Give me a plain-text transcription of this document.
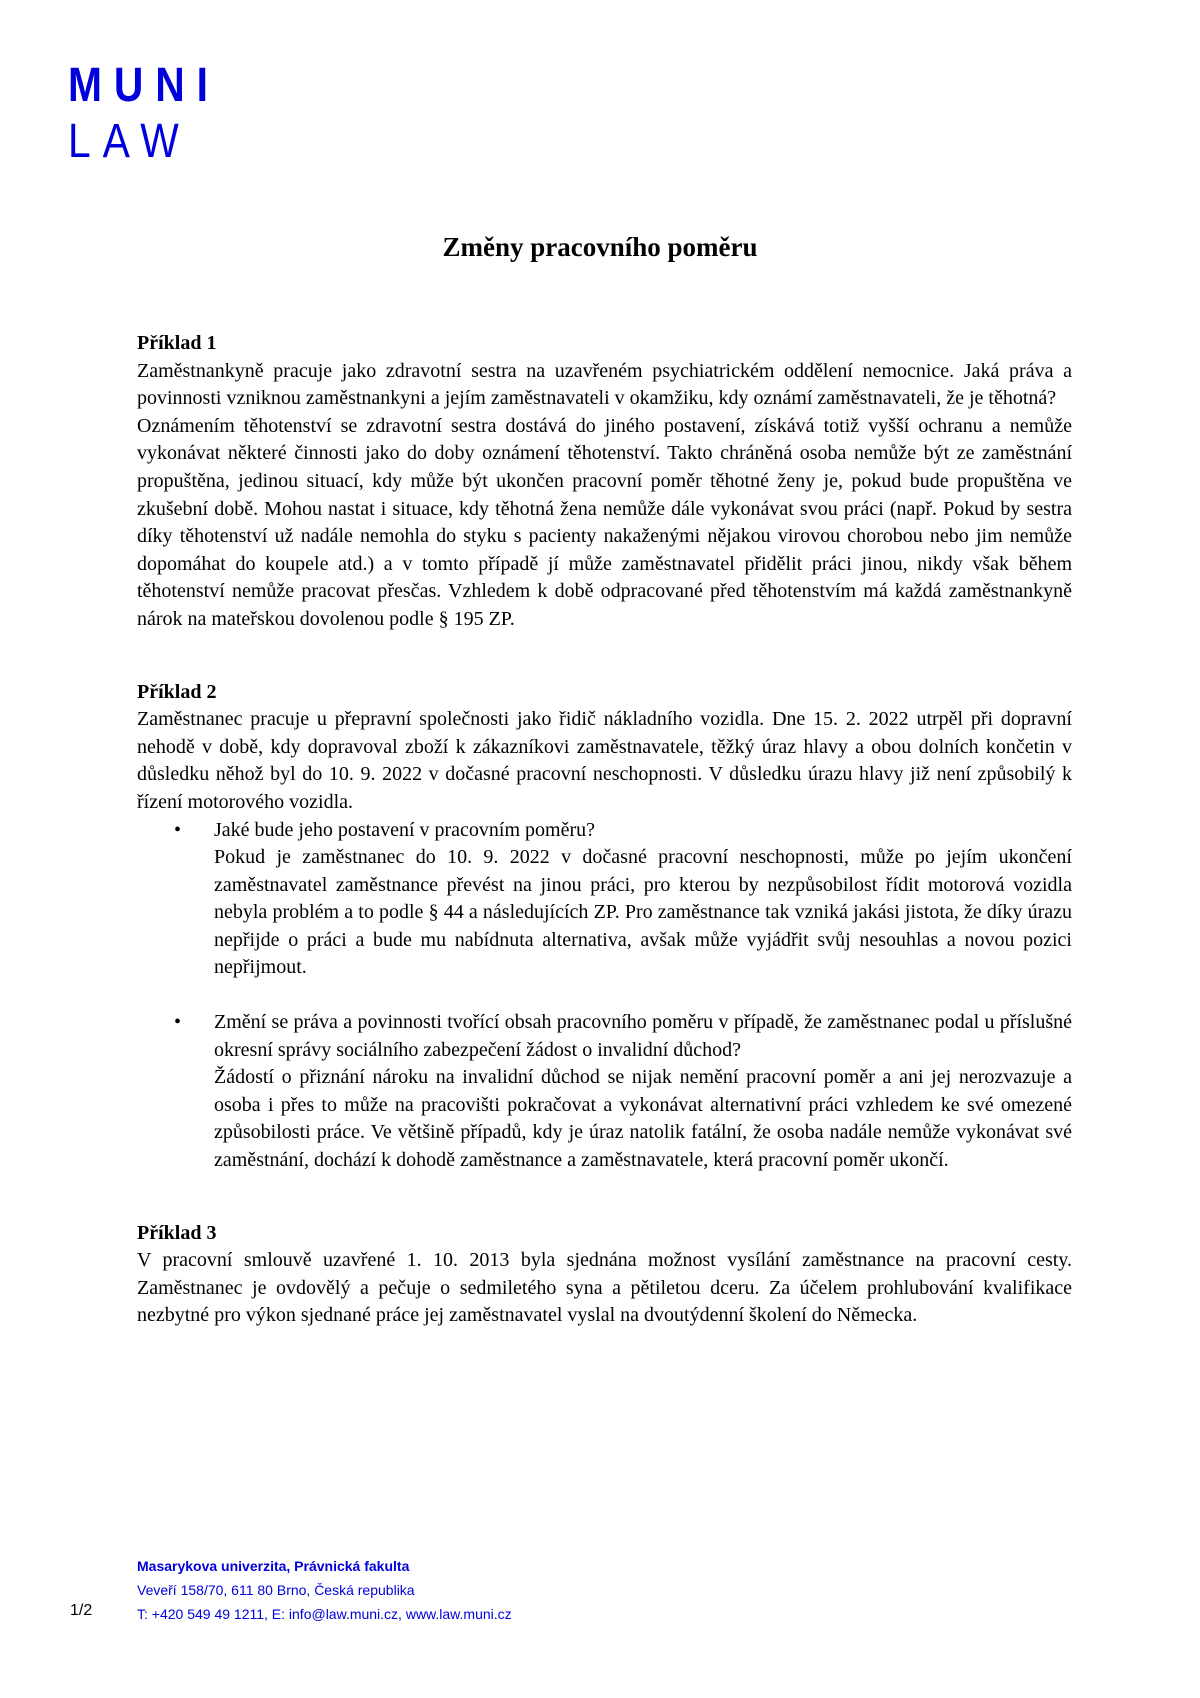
MUNI
LAW
Změny pracovního poměru

Příklad 1

Zaměstnankyně pracuje jako zdravotní sestra na uzavřeném psychiatrickém oddělení nemocnice. Jaká práva a povinnosti vzniknou zaměstnankyni a jejím zaměstnavateli v okamžiku, kdy oznámí zaměstnavateli, že je těhotná?

Oznámením těhotenství se zdravotní sestra dostává do jiného postavení, získává totiž vyšší ochranu a nemůže vykonávat některé činnosti jako do doby oznámení těhotenství. Takto chráněná osoba nemůže být ze zaměstnání propuštěna, jedinou situací, kdy může být ukončen pracovní poměr těhotné ženy je, pokud bude propuštěna ve zkušební době. Mohou nastat i situace, kdy těhotná žena nemůže dále vykonávat svou práci (např. Pokud by sestra díky těhotenství už nadále nemohla do styku s pacienty nakaženými nějakou virovou chorobou nebo jim nemůže dopomáhat do koupele atd.) a v tomto případě jí může zaměstnavatel přidělit práci jinou, nikdy však během těhotenství nemůže pracovat přesčas. Vzhledem k době odpracované před těhotenstvím má každá zaměstnankyně nárok na mateřskou dovolenou podle § 195 ZP.

Příklad 2

Zaměstnanec pracuje u přepravní společnosti jako řidič nákladního vozidla. Dne 15. 2. 2022 utrpěl při dopravní nehodě v době, kdy dopravoval zboží k zákazníkovi zaměstnavatele, těžký úraz hlavy a obou dolních končetin v důsledku něhož byl do 10. 9. 2022 v dočasné pracovní neschopnosti. V důsledku úrazu hlavy již není způsobilý k řízení motorového vozidla.

• Jaké bude jeho postavení v pracovním poměru?

Pokud je zaměstnanec do 10. 9. 2022 v dočasné pracovní neschopnosti, může po jejím ukončení zaměstnavatel zaměstnance převést na jinou práci, pro kterou by nezpůsobilost řídit motorová vozidla nebyla problém a to podle § 44 a následujících ZP. Pro zaměstnance tak vzniká jakási jistota, že díky úrazu nepřijde o práci a bude mu nabídnuta alternativa, avšak může vyjádřit svůj nesouhlas a novou pozici nepřijmout.

• Změní se práva a povinnosti tvořící obsah pracovního poměru v případě, že zaměstnanec podal u příslušné okresní správy sociálního zabezpečení žádost o invalidní důchod?

Žádostí o přiznání nároku na invalidní důchod se nijak nemění pracovní poměr a ani jej nerozvazuje a osoba i přes to může na pracovišti pokračovat a vykonávat alternativní práci vzhledem ke své omezené způsobilosti práce. Ve většině případů, kdy je úraz natolik fatální, že osoba nadále nemůže vykonávat své zaměstnání, dochází k dohodě zaměstnance a zaměstnavatele, která pracovní poměr ukončí.

Příklad 3

V pracovní smlouvě uzavřené 1. 10. 2013 byla sjednána možnost vysílání zaměstnance na pracovní cesty. Zaměstnanec je ovdovělý a pečuje o sedmiletého syna a pětiletou dceru. Za účelem prohlubování kvalifikace nezbytné pro výkon sjednané práce jej zaměstnavatel vyslal na dvoutýdenní školení do Německa.

Masarykova univerzita, Právnická fakulta
Veveří 158/70, 611 80 Brno, Česká republika
T: +420 549 49 1211, E: info@law.muni.cz, www.law.muni.cz
1/2
